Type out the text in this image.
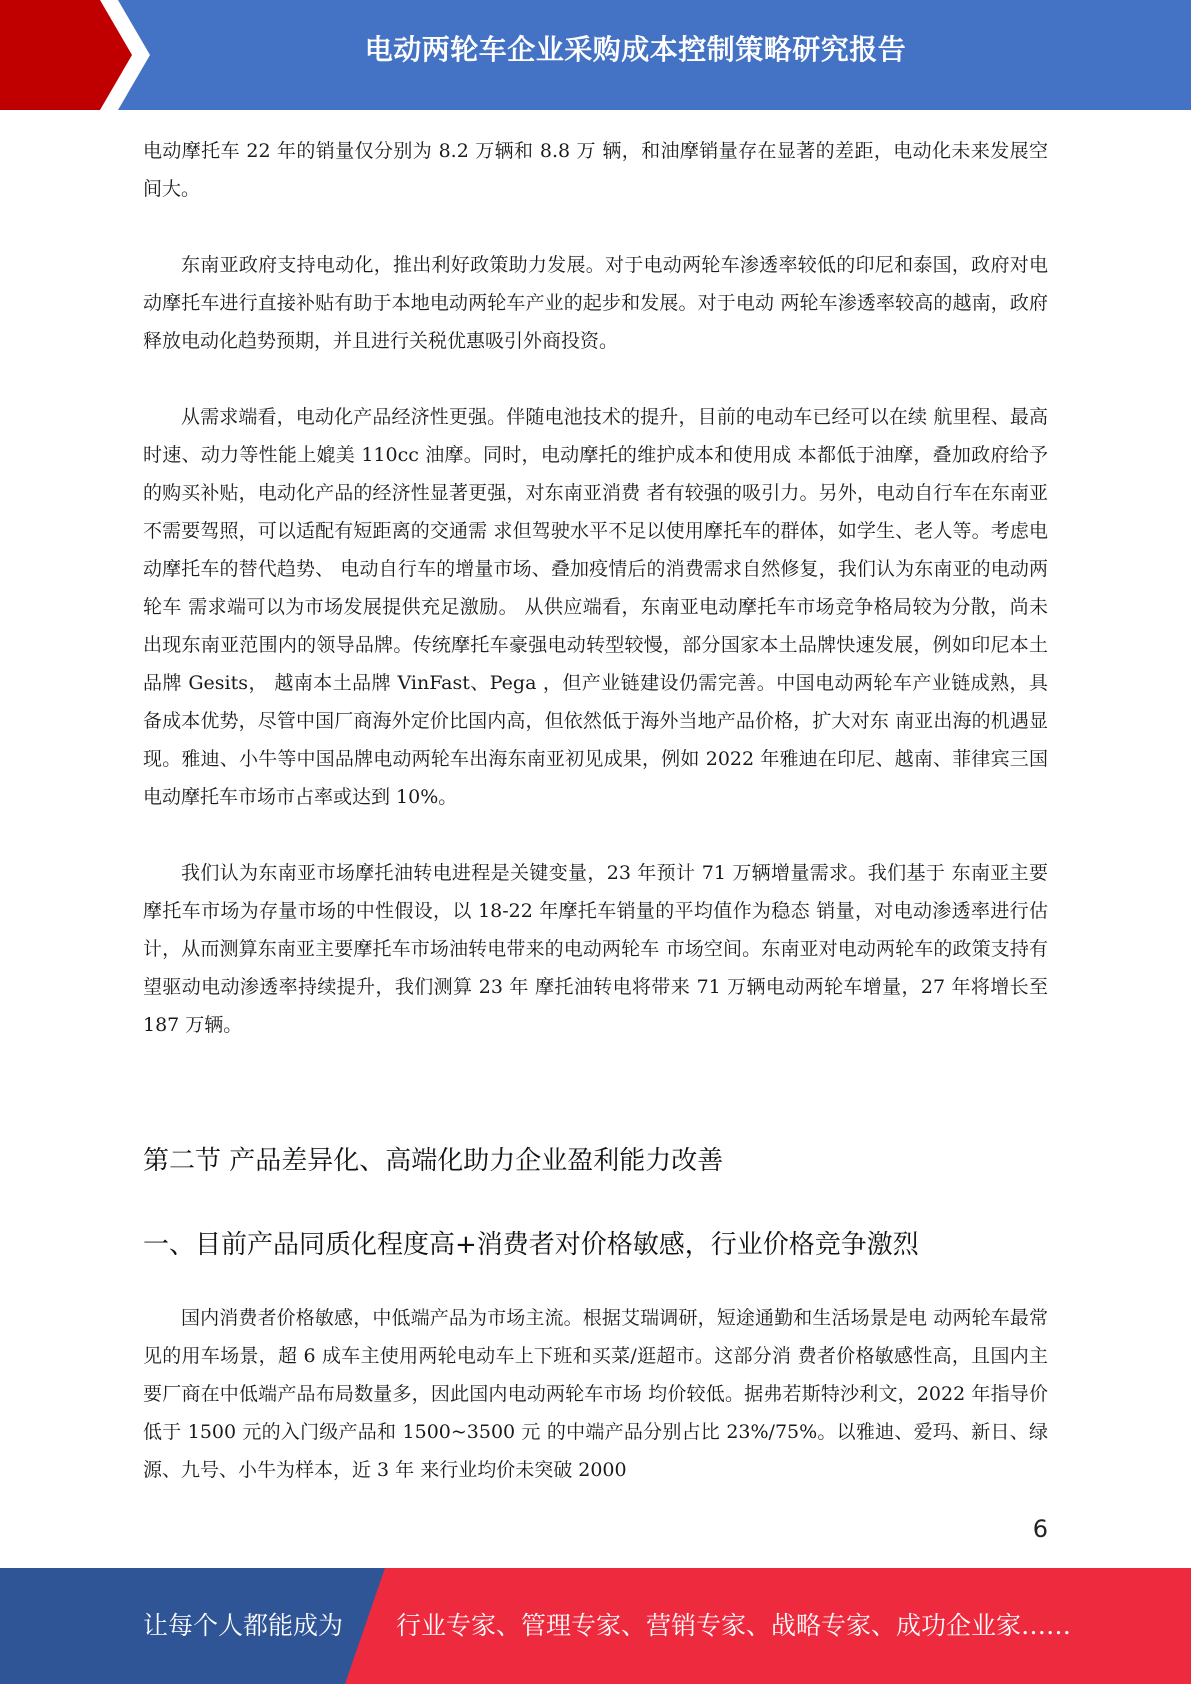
电动两轮车企业采购成本控制策略研究报告

电动摩托车 22 年的销量仅分别为 8.2 万辆和 8.8 万 辆，和油摩销量存在显著的差距，电动化未来发展空间大。

东南亚政府支持电动化，推出利好政策助力发展。对于电动两轮车渗透率较低的印尼和泰国，政府对电动摩托车进行直接补贴有助于本地电动两轮车产业的起步和发展。对于电动 两轮车渗透率较高的越南，政府释放电动化趋势预期，并且进行关税优惠吸引外商投资。

从需求端看，电动化产品经济性更强。伴随电池技术的提升，目前的电动车已经可以在续 航里程、最高时速、动力等性能上媲美 110cc 油摩。同时，电动摩托的维护成本和使用成 本都低于油摩，叠加政府给予的购买补贴，电动化产品的经济性显著更强，对东南亚消费 者有较强的吸引力。另外，电动自行车在东南亚不需要驾照，可以适配有短距离的交通需 求但驾驶水平不足以使用摩托车的群体，如学生、老人等。考虑电动摩托车的替代趋势、 电动自行车的增量市场、叠加疫情后的消费需求自然修复，我们认为东南亚的电动两轮车 需求端可以为市场发展提供充足激励。 从供应端看，东南亚电动摩托车市场竞争格局较为分散，尚未出现东南亚范围内的领导品牌。传统摩托车豪强电动转型较慢，部分国家本土品牌快速发展，例如印尼本土品牌 Gesits， 越南本土品牌 VinFast、Pega ，但产业链建设仍需完善。中国电动两轮车产业链成熟，具 备成本优势，尽管中国厂商海外定价比国内高，但依然低于海外当地产品价格，扩大对东 南亚出海的机遇显现。雅迪、小牛等中国品牌电动两轮车出海东南亚初见成果，例如 2022 年雅迪在印尼、越南、菲律宾三国电动摩托车市场市占率或达到 10%。

我们认为东南亚市场摩托油转电进程是关键变量，23 年预计 71 万辆增量需求。我们基于 东南亚主要摩托车市场为存量市场的中性假设，以 18-22 年摩托车销量的平均值作为稳态 销量，对电动渗透率进行估计，从而测算东南亚主要摩托车市场油转电带来的电动两轮车 市场空间。东南亚对电动两轮车的政策支持有望驱动电动渗透率持续提升，我们测算 23 年 摩托油转电将带来 71 万辆电动两轮车增量，27 年将增长至 187 万辆。

第二节 产品差异化、高端化助力企业盈利能力改善
一、目前产品同质化程度高+消费者对价格敏感，行业价格竞争激烈

国内消费者价格敏感，中低端产品为市场主流。根据艾瑞调研，短途通勤和生活场景是电 动两轮车最常见的用车场景，超 6 成车主使用两轮电动车上下班和买菜/逛超市。这部分消 费者价格敏感性高，且国内主要厂商在中低端产品布局数量多，因此国内电动两轮车市场 均价较低。据弗若斯特沙利文，2022 年指导价低于 1500 元的入门级产品和 1500~3500 元 的中端产品分别占比 23%/75%。以雅迪、爱玛、新日、绿源、九号、小牛为样本，近 3 年 来行业均价未突破 2000

6
让每个人都能成为 行业专家、管理专家、营销专家、战略专家、成功企业家……
